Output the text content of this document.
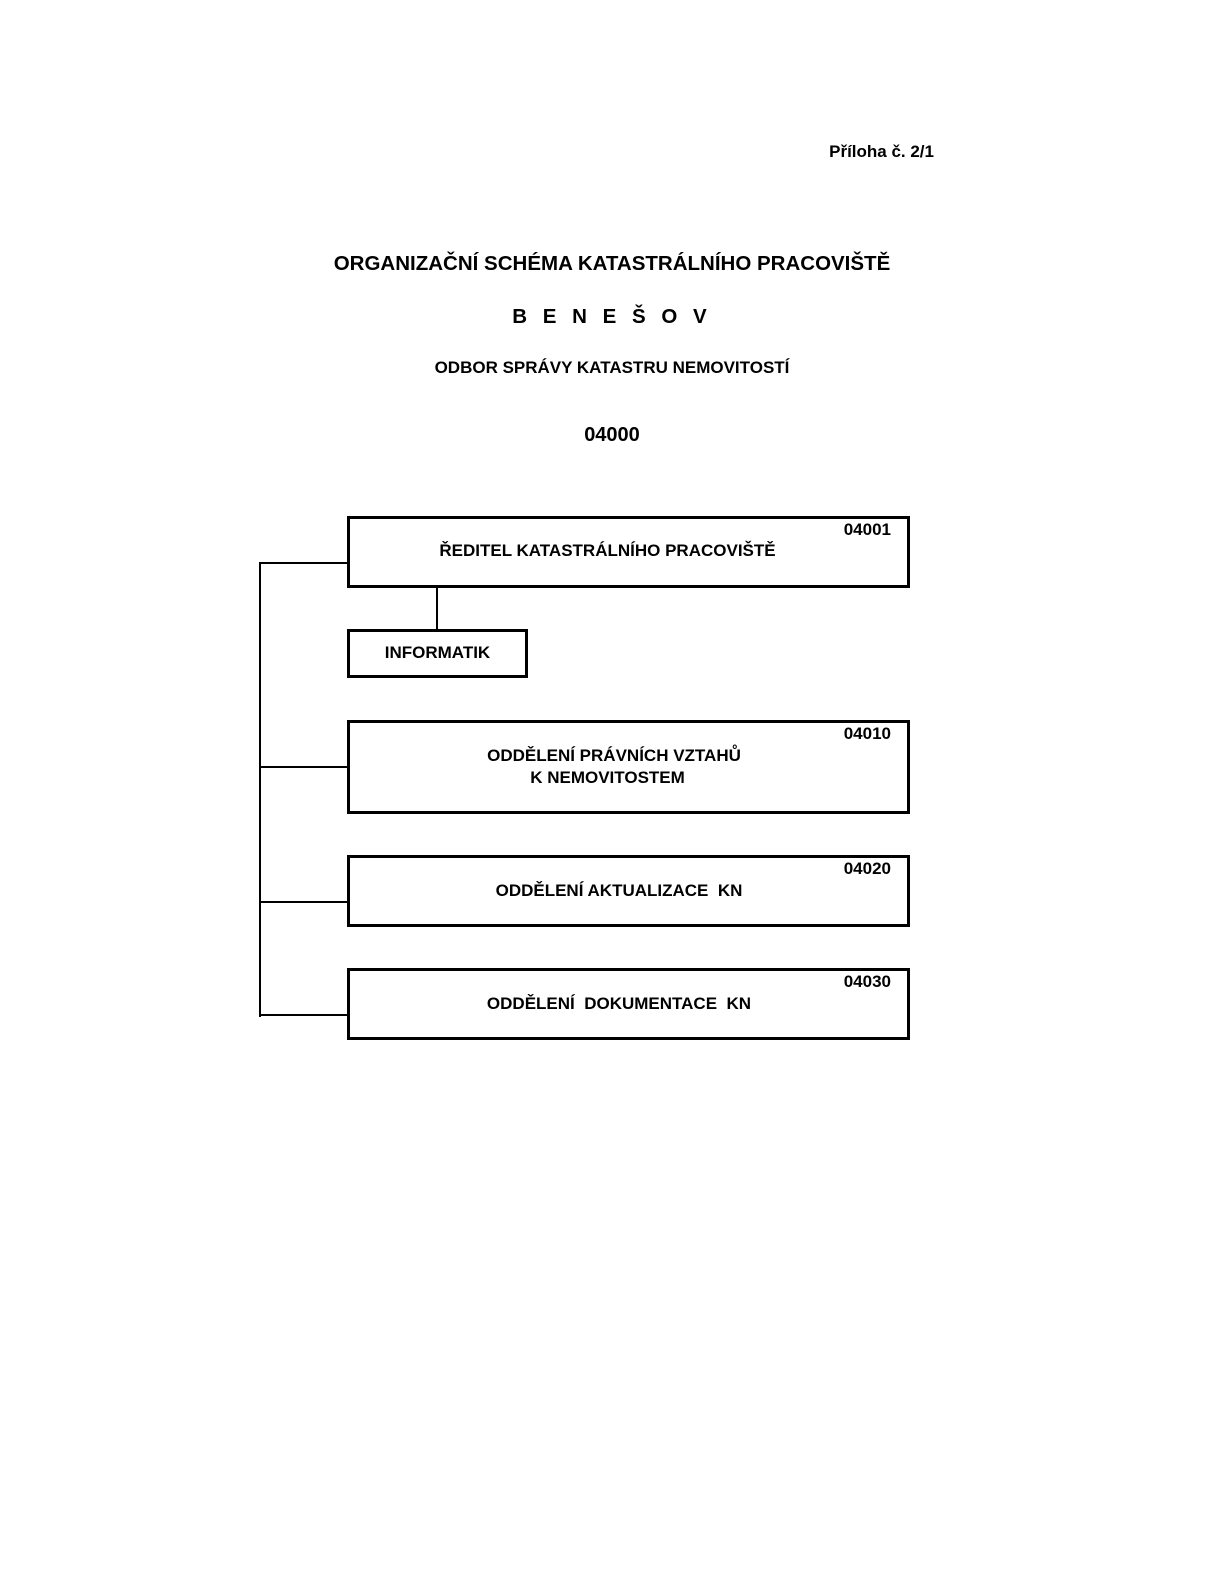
Příloha č. 2/1
ORGANIZAČNÍ SCHÉMA KATASTRÁLNÍHO PRACOVIŠTĚ
B E N E Š O V
ODBOR SPRÁVY KATASTRU NEMOVITOSTÍ
04000
04001
ŘEDITEL KATASTRÁLNÍHO PRACOVIŠTĚ
INFORMATIK
04010
ODDĚLENÍ PRÁVNÍCH VZTAHŮ
K NEMOVITOSTEM
04020
ODDĚLENÍ AKTUALIZACE  KN
04030
ODDĚLENÍ  DOKUMENTACE  KN
